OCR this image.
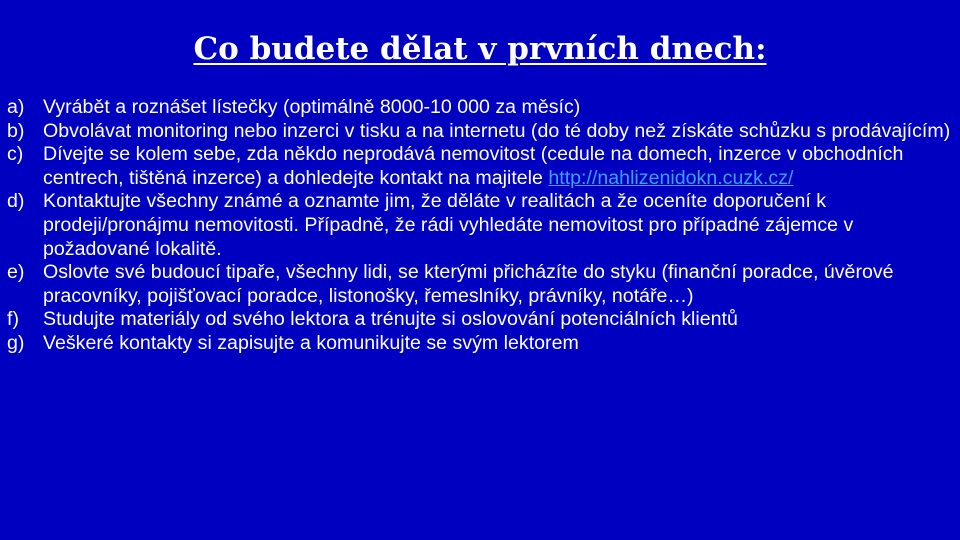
Co budete dělat v prvních dnech:
a) Vyrábět a roznášet lístečky (optimálně 8000-10 000 za měsíc)
b) Obvolávat monitoring nebo inzerci v tisku a na internetu (do té doby než získáte schůzku s prodávajícím)
c)	Dívejte se kolem sebe, zda někdo neprodává nemovitost (cedule na domech, inzerce v obchodních centrech, tištěná inzerce) a dohledejte kontakt na majitele http://nahlizenidokn.cuzk.cz/
d) Kontaktujte všechny známé a oznamte jim, že děláte v realitách a že oceníte doporučení k prodeji/pronájmu nemovitosti. Případně, že rádi vyhledáte nemovitost pro případné zájemce v požadované lokalitě.
e) Oslovte své budoucí tipaře, všechny lidi, se kterými přicházíte do styku (finanční poradce, úvěrové pracovníky, pojišťovací poradce, listonošky, řemeslníky, právníky, notáře…)
f)	Studujte materiály od svého lektora a trénujte si oslovování potenciálních klientů
g) Veškeré kontakty si zapisujte a komunikujte se svým lektorem
